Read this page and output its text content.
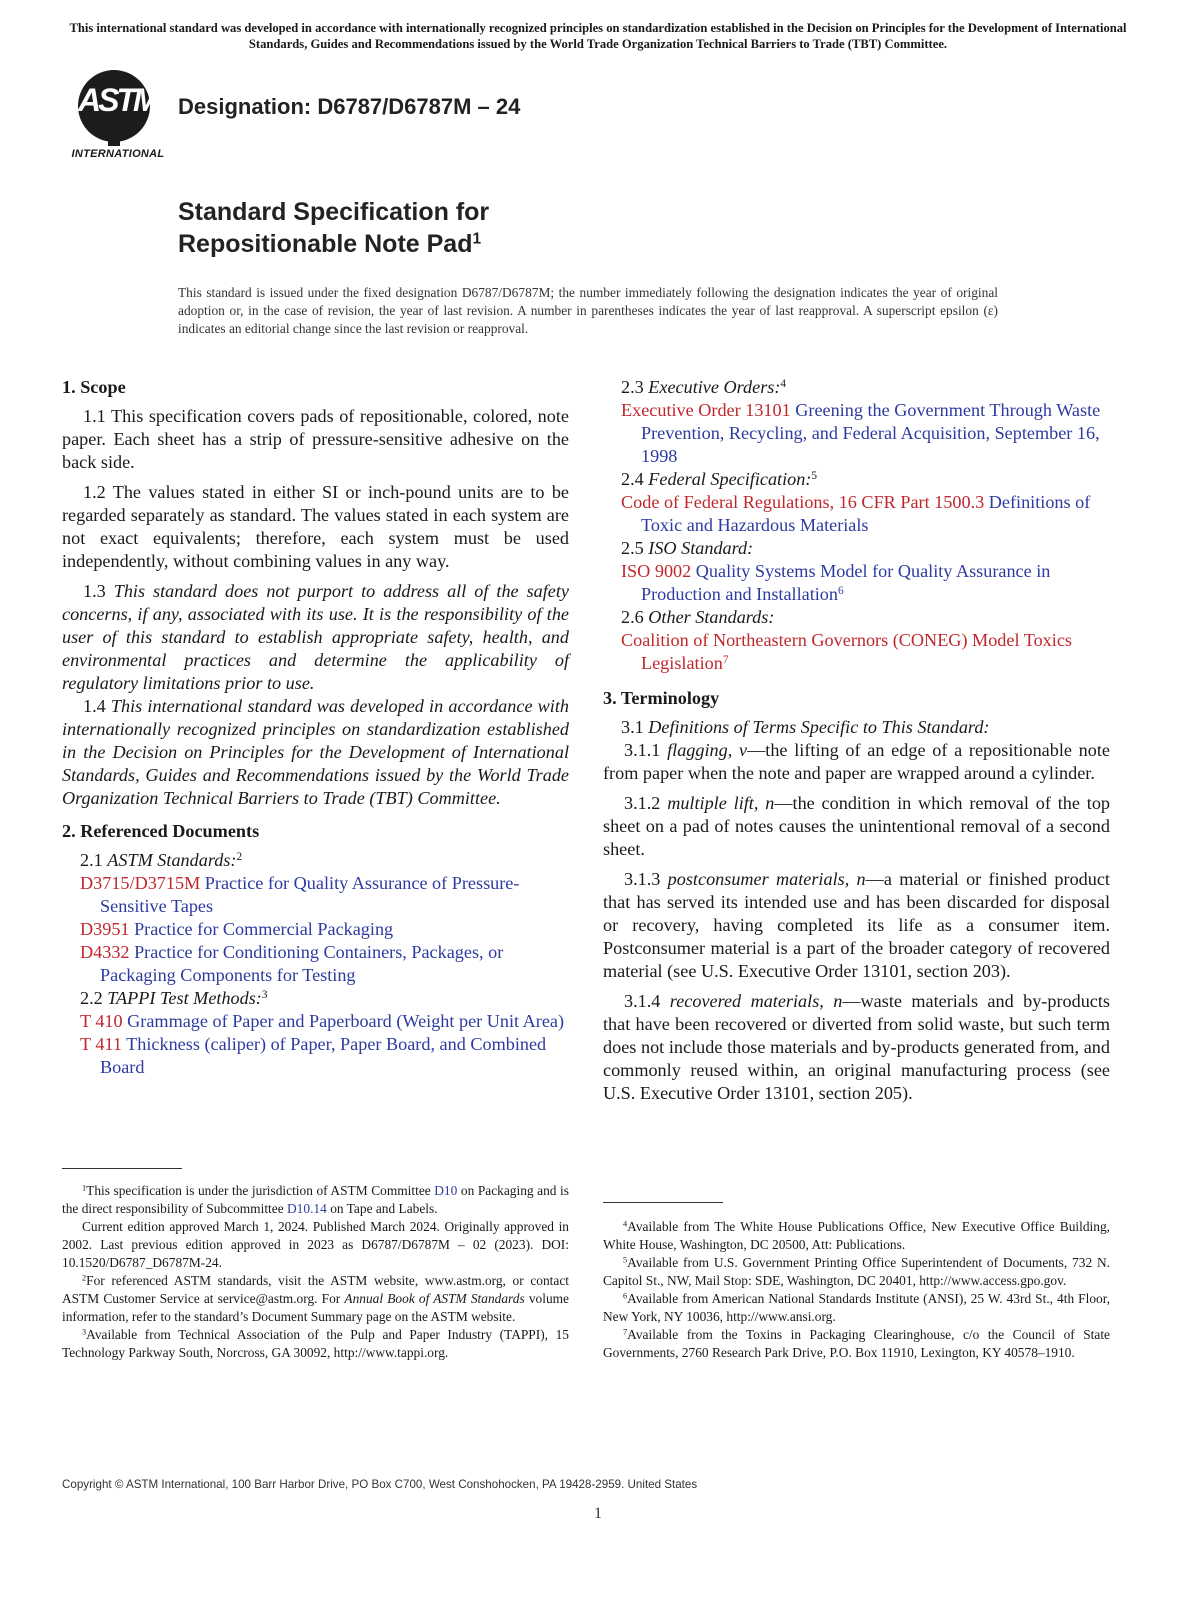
This international standard was developed in accordance with internationally recognized principles on standardization established in the Decision on Principles for the Development of International Standards, Guides and Recommendations issued by the World Trade Organization Technical Barriers to Trade (TBT) Committee.
ASTM
INTERNATIONAL
Designation: D6787/D6787M – 24
Standard Specification for
Repositionable Note Pad$^1$
This standard is issued under the fixed designation D6787/D6787M; the number immediately following the designation indicates the year of original adoption or, in the case of revision, the year of last revision. A number in parentheses indicates the year of last reapproval. A superscript epsilon (ε) indicates an editorial change since the last revision or reapproval.
1. Scope
1.1 This specification covers pads of repositionable, colored, note paper. Each sheet has a strip of pressure-sensitive adhesive on the back side.
1.2 The values stated in either SI or inch-pound units are to be regarded separately as standard. The values stated in each system are not exact equivalents; therefore, each system must be used independently, without combining values in any way.
1.3 This standard does not purport to address all of the safety concerns, if any, associated with its use. It is the responsibility of the user of this standard to establish appropriate safety, health, and environmental practices and determine the applicability of regulatory limitations prior to use.
1.4 This international standard was developed in accordance with internationally recognized principles on standardization established in the Decision on Principles for the Development of International Standards, Guides and Recommendations issued by the World Trade Organization Technical Barriers to Trade (TBT) Committee.
2. Referenced Documents
2.1 ASTM Standards:$^2$
D3715/D3715M Practice for Quality Assurance of Pressure-Sensitive Tapes
D3951 Practice for Commercial Packaging
D4332 Practice for Conditioning Containers, Packages, or Packaging Components for Testing
2.2 TAPPI Test Methods:$^3$
T 410 Grammage of Paper and Paperboard (Weight per Unit Area)
T 411 Thickness (caliper) of Paper, Paper Board, and Combined Board

$^1$This specification is under the jurisdiction of ASTM Committee D10 on Packaging and is the direct responsibility of Subcommittee D10.14 on Tape and Labels.

Current edition approved March 1, 2024. Published March 2024. Originally approved in 2002. Last previous edition approved in 2023 as D6787/D6787M – 02 (2023). DOI: 10.1520/D6787_D6787M-24.

$^2$For referenced ASTM standards, visit the ASTM website, www.astm.org, or contact ASTM Customer Service at service@astm.org. For Annual Book of ASTM Standards volume information, refer to the standard’s Document Summary page on the ASTM website.

$^3$Available from Technical Association of the Pulp and Paper Industry (TAPPI), 15 Technology Parkway South, Norcross, GA 30092, http://www.tappi.org.

2.3 Executive Orders:$^4$
Executive Order 13101 Greening the Government Through Waste Prevention, Recycling, and Federal Acquisition, September 16, 1998
2.4 Federal Specification:$^5$
Code of Federal Regulations, 16 CFR Part 1500.3 Definitions of Toxic and Hazardous Materials
2.5 ISO Standard:
ISO 9002 Quality Systems Model for Quality Assurance in Production and Installation$^6$
2.6 Other Standards:
Coalition of Northeastern Governors (CONEG) Model Toxics Legislation$^7$
3. Terminology
3.1 Definitions of Terms Specific to This Standard:
3.1.1 flagging, v—the lifting of an edge of a repositionable note from paper when the note and paper are wrapped around a cylinder.
3.1.2 multiple lift, n—the condition in which removal of the top sheet on a pad of notes causes the unintentional removal of a second sheet.
3.1.3 postconsumer materials, n—a material or finished product that has served its intended use and has been discarded for disposal or recovery, having completed its life as a consumer item. Postconsumer material is a part of the broader category of recovered material (see U.S. Executive Order 13101, section 203).
3.1.4 recovered materials, n—waste materials and by-products that have been recovered or diverted from solid waste, but such term does not include those materials and by-products generated from, and commonly reused within, an original manufacturing process (see U.S. Executive Order 13101, section 205).

$^4$Available from The White House Publications Office, New Executive Office Building, White House, Washington, DC 20500, Att: Publications.

$^5$Available from U.S. Government Printing Office Superintendent of Documents, 732 N. Capitol St., NW, Mail Stop: SDE, Washington, DC 20401, http://www.access.gpo.gov.

$^6$Available from American National Standards Institute (ANSI), 25 W. 43rd St., 4th Floor, New York, NY 10036, http://www.ansi.org.

$^7$Available from the Toxins in Packaging Clearinghouse, c/o the Council of State Governments, 2760 Research Park Drive, P.O. Box 11910, Lexington, KY 40578–1910.

Copyright © ASTM International, 100 Barr Harbor Drive, PO Box C700, West Conshohocken, PA 19428-2959. United States
1
